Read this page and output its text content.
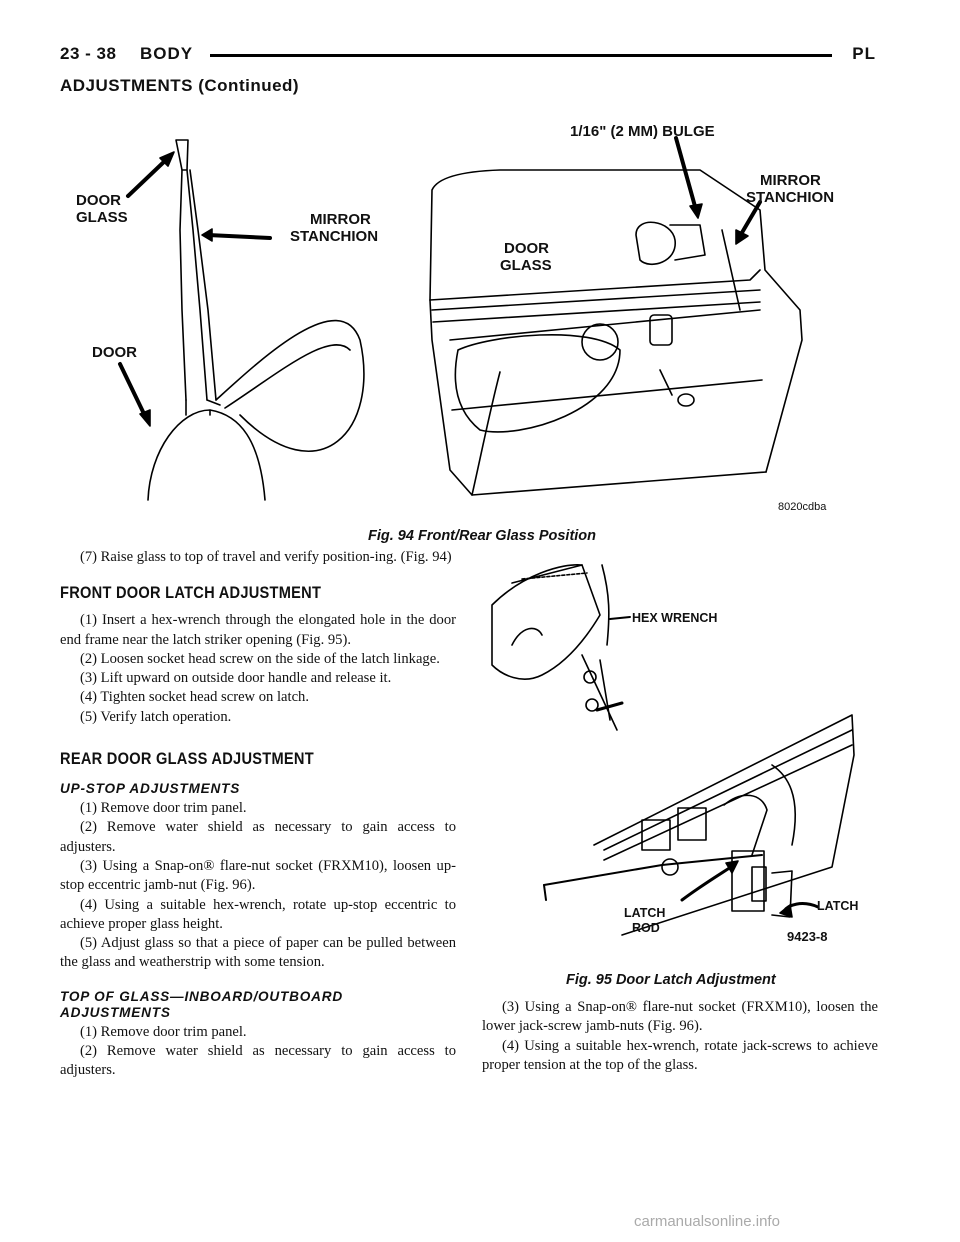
23 - 38 BODY	PL
ADJUSTMENTS (Continued)
DOOR GLASS	MIRROR STANCHION
DOOR
1/16" (2 MM) BULGE
MIRROR STANCHION
DOOR GLASS
8020cdba
Fig. 94 Front/Rear Glass Position
HEX WRENCH
LATCH ROD
LATCH
9423-8
Fig. 95 Door Latch Adjustment

(7) Raise glass to top of travel and verify position-ing. (Fig. 94)

FRONT DOOR LATCH ADJUSTMENT

(1) Insert a hex-wrench through the elongated hole in the door end frame near the latch striker opening (Fig. 95).

(2) Loosen socket head screw on the side of the latch linkage.

(3) Lift upward on outside door handle and release it.

(4) Tighten socket head screw on latch.

(5) Verify latch operation.

REAR DOOR GLASS ADJUSTMENT
UP-STOP ADJUSTMENTS

(1) Remove door trim panel.

(2) Remove water shield as necessary to gain access to adjusters.

(3) Using a Snap-on® flare-nut socket (FRXM10), loosen up- stop eccentric jamb-nut (Fig. 96).

(4) Using a suitable hex-wrench, rotate up-stop eccentric to achieve proper glass height.

(5) Adjust glass so that a piece of paper can be pulled between the glass and weatherstrip with some tension.

TOP OF GLASS—INBOARD/OUTBOARD ADJUSTMENTS

(1) Remove door trim panel.

(2) Remove water shield as necessary to gain access to adjusters.

(3) Using a Snap-on® flare-nut socket (FRXM10), loosen the lower jack-screw jamb-nuts (Fig. 96).

(4) Using a suitable hex-wrench, rotate jack-screws to achieve proper tension at the top of the glass.

carmanualsonline.info
